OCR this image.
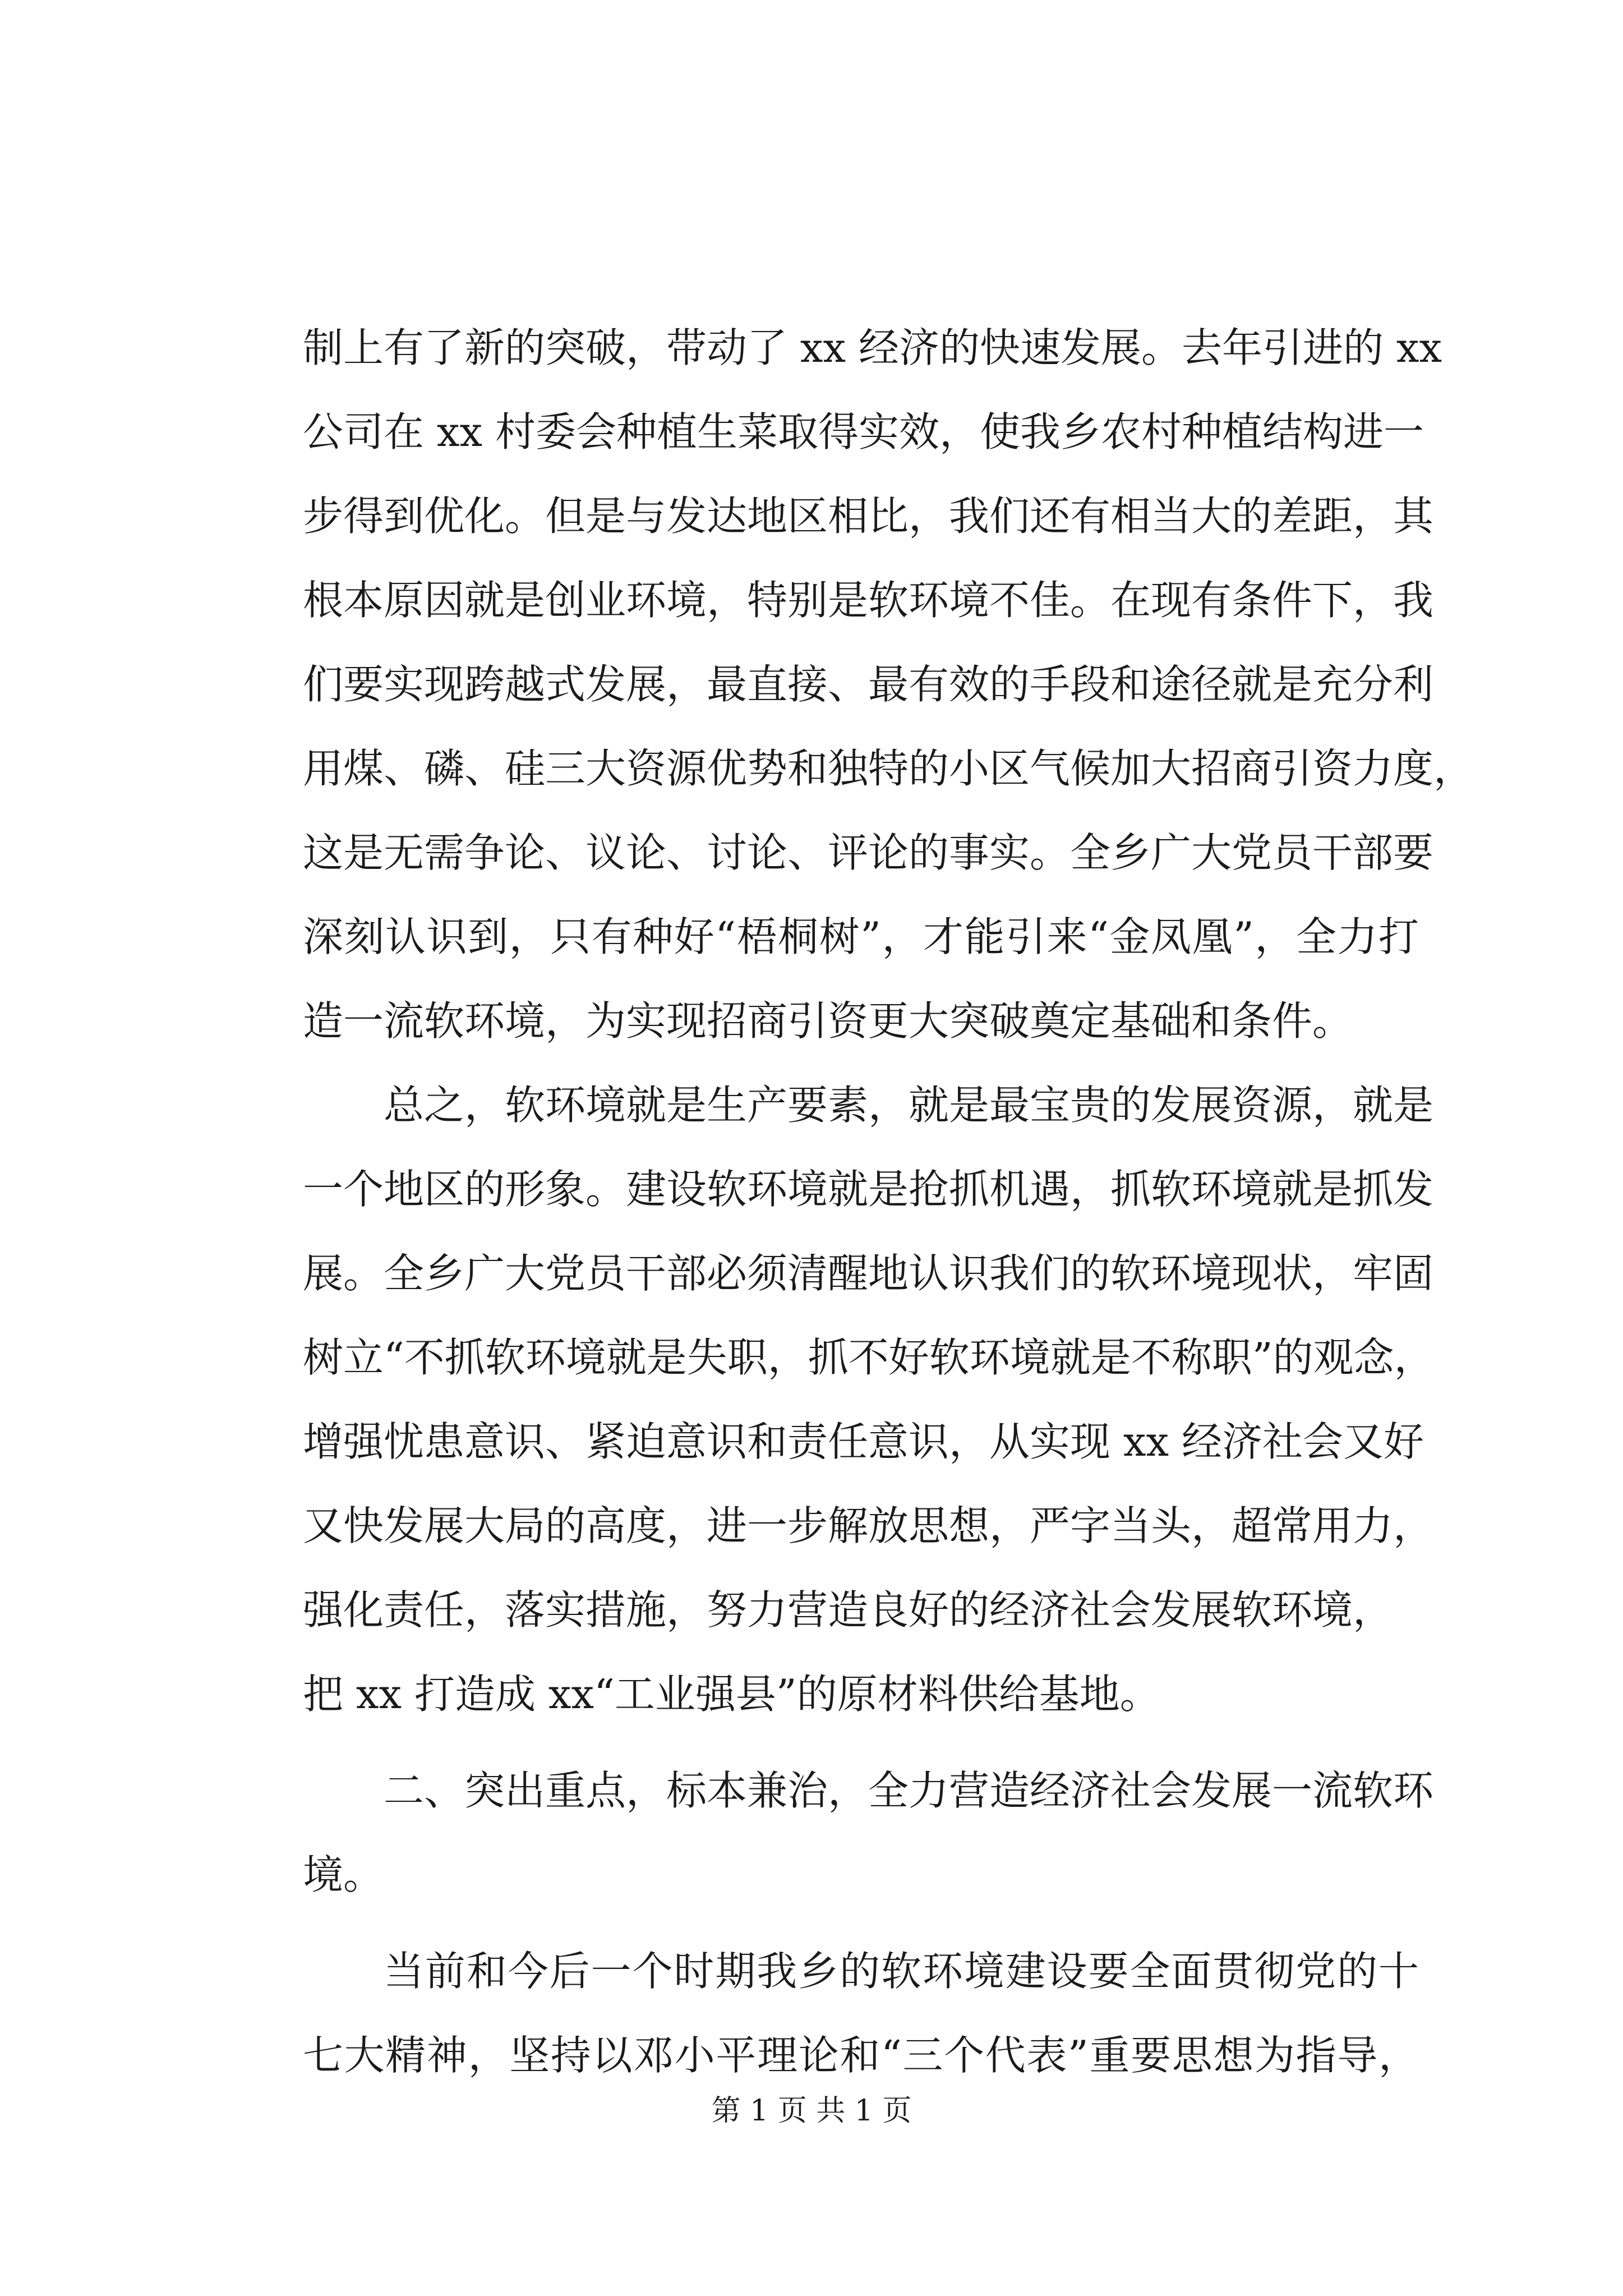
制上有了新的突破，带动了 xx 经济的快速发展。去年引进的 xx
公司在 xx 村委会种植生菜取得实效，使我乡农村种植结构进一
步得到优化。但是与发达地区相比，我们还有相当大的差距，其
根本原因就是创业环境，特别是软环境不佳。在现有条件下，我
们要实现跨越式发展，最直接、最有效的手段和途径就是充分利
用煤、磷、硅三大资源优势和独特的小区气候加大招商引资力度，
这是无需争论、议论、讨论、评论的事实。全乡广大党员干部要
深刻认识到，只有种好“梧桐树”，才能引来“金凤凰”，全力打
造一流软环境，为实现招商引资更大突破奠定基础和条件。
总之，软环境就是生产要素，就是最宝贵的发展资源，就是
一个地区的形象。建设软环境就是抢抓机遇，抓软环境就是抓发
展。全乡广大党员干部必须清醒地认识我们的软环境现状，牢固
树立“不抓软环境就是失职，抓不好软环境就是不称职”的观念，
增强忧患意识、紧迫意识和责任意识，从实现 xx 经济社会又好
又快发展大局的高度，进一步解放思想，严字当头，超常用力，
强化责任，落实措施，努力营造良好的经济社会发展软环境，
把 xx 打造成 xx“工业强县”的原材料供给基地。
二、突出重点，标本兼治，全力营造经济社会发展一流软环
境。
当前和今后一个时期我乡的软环境建设要全面贯彻党的十
七大精神，坚持以邓小平理论和“三个代表”重要思想为指导，
第 1 页 共 1 页
